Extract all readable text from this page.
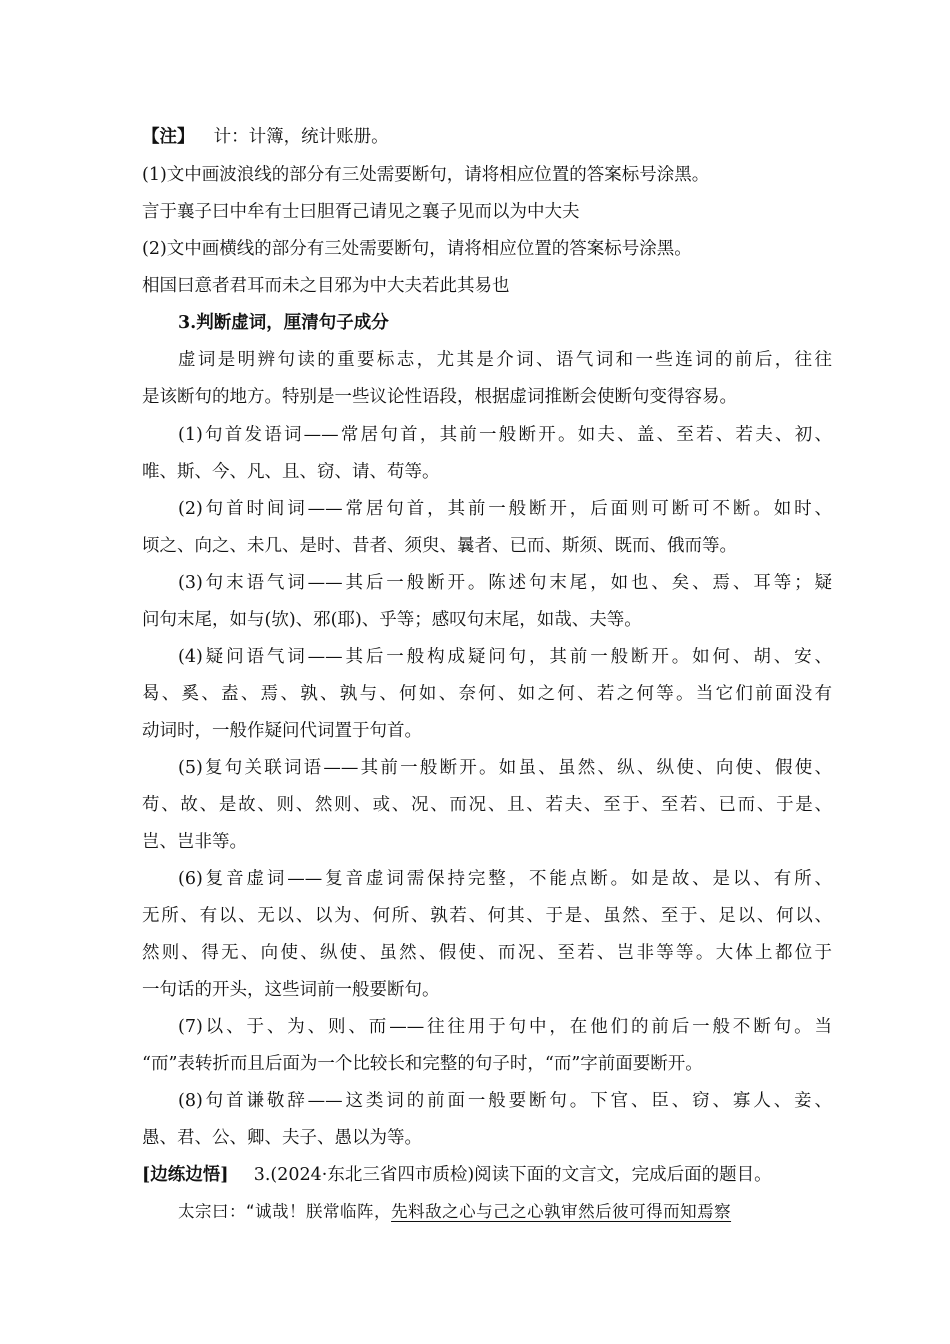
【注】 计：计簿，统计账册。
(1)文中画波浪线的部分有三处需要断句，请将相应位置的答案标号涂黑。
言于襄子曰中牟有士曰胆胥己请见之襄子见而以为中大夫
(2)文中画横线的部分有三处需要断句，请将相应位置的答案标号涂黑。
相国曰意者君耳而未之目邪为中大夫若此其易也
3.判断虚词，厘清句子成分
虚词是明辨句读的重要标志，尤其是介词、语气词和一些连词的前后，往往
是该断句的地方。特别是一些议论性语段，根据虚词推断会使断句变得容易。
(1)句首发语词——常居句首，其前一般断开。如夫、盖、至若、若夫、初、
唯、斯、今、凡、且、窃、请、苟等。
(2)句首时间词——常居句首，其前一般断开，后面则可断可不断。如时、
顷之、向之、未几、是时、昔者、须臾、曩者、已而、斯须、既而、俄而等。
(3)句末语气词——其后一般断开。陈述句末尾，如也、矣、焉、耳等；疑
问句末尾，如与(欤)、邪(耶)、乎等；感叹句末尾，如哉、夫等。
(4)疑问语气词——其后一般构成疑问句，其前一般断开。如何、胡、安、
曷、奚、盍、焉、孰、孰与、何如、奈何、如之何、若之何等。当它们前面没有
动词时，一般作疑问代词置于句首。
(5)复句关联词语——其前一般断开。如虽、虽然、纵、纵使、向使、假使、
苟、故、是故、则、然则、或、况、而况、且、若夫、至于、至若、已而、于是、
岂、岂非等。
(6)复音虚词——复音虚词需保持完整，不能点断。如是故、是以、有所、
无所、有以、无以、以为、何所、孰若、何其、于是、虽然、至于、足以、何以、
然则、得无、向使、纵使、虽然、假使、而况、至若、岂非等等。大体上都位于
一句话的开头，这些词前一般要断句。
(7)以、于、为、则、而——往往用于句中，在他们的前后一般不断句。当
“而”表转折而且后面为一个比较长和完整的句子时，“而”字前面要断开。
(8)句首谦敬辞——这类词的前面一般要断句。下官、臣、窃、寡人、妾、
愚、君、公、卿、夫子、愚以为等。
[边练边悟] 3.(2024·东北三省四市质检)阅读下面的文言文，完成后面的题目。
太宗曰：“诚哉！朕常临阵，先料敌之心与己之心孰审然后彼可得而知焉察
